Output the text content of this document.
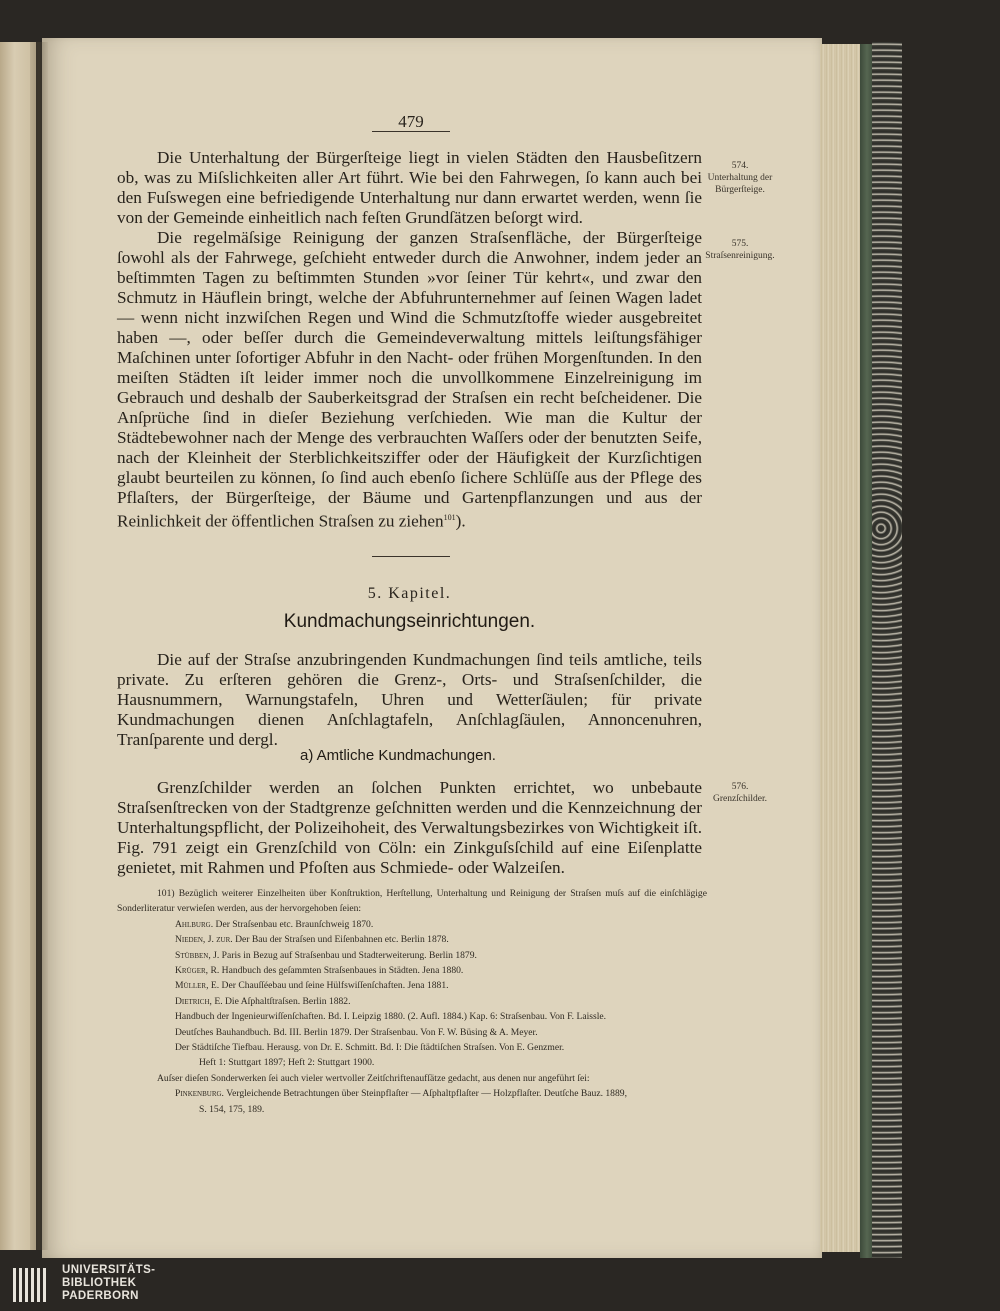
479

Die Unterhaltung der Bürgerſteige liegt in vielen Städten den Hausbeſitzern ob, was zu Miſslichkeiten aller Art führt. Wie bei den Fahrwegen, ſo kann auch bei den Fuſswegen eine befriedigende Unterhaltung nur dann erwartet werden, wenn ſie von der Gemeinde einheitlich nach feſten Grundſätzen beſorgt wird.

Die regelmäſsige Reinigung der ganzen Straſsenfläche, der Bürgerſteige ſowohl als der Fahrwege, geſchieht entweder durch die Anwohner, indem jeder an beſtimmten Tagen zu beſtimmten Stunden »vor ſeiner Tür kehrt«, und zwar den Schmutz in Häuflein bringt, welche der Abfuhrunternehmer auf ſeinen Wagen ladet — wenn nicht inzwiſchen Regen und Wind die Schmutzſtoffe wieder ausgebreitet haben —, oder beſſer durch die Gemeindeverwaltung mittels leiſtungsfähiger Maſchinen unter ſofortiger Abfuhr in den Nacht- oder frühen Morgenſtunden. In den meiſten Städten iſt leider immer noch die unvollkommene Einzelreinigung im Gebrauch und deshalb der Sauberkeitsgrad der Straſsen ein recht beſcheidener. Die Anſprüche ſind in dieſer Beziehung verſchieden. Wie man die Kultur der Städtebewohner nach der Menge des verbrauchten Waſſers oder der benutzten Seife, nach der Kleinheit der Sterblichkeitsziffer oder der Häufigkeit der Kurzſichtigen glaubt beurteilen zu können, ſo ſind auch ebenſo ſichere Schlüſſe aus der Pflege des Pflaſters, der Bürgerſteige, der Bäume und Gartenpflanzungen und aus der Reinlichkeit der öffentlichen Straſsen zu ziehen$^{101}$).

574.
Unterhaltung der Bürgerſteige.
575.
Straſsenreinigung.
5. Kapitel.
Kundmachungseinrichtungen.

Die auf der Straſse anzubringenden Kundmachungen ſind teils amtliche, teils private. Zu erſteren gehören die Grenz-, Orts- und Straſsenſchilder, die Hausnummern, Warnungstafeln, Uhren und Wetterſäulen; für private Kundmachungen dienen Anſchlagtafeln, Anſchlagſäulen, Annoncenuhren, Tranſparente und dergl.

a) Amtliche Kundmachungen.

Grenzſchilder werden an ſolchen Punkten errichtet, wo unbebaute Straſsenſtrecken von der Stadtgrenze geſchnitten werden und die Kennzeichnung der Unterhaltungspflicht, der Polizeihoheit, des Verwaltungsbezirkes von Wichtigkeit iſt. Fig. 791 zeigt ein Grenzſchild von Cöln: ein Zinkguſsſchild auf eine Eiſenplatte genietet, mit Rahmen und Pfoſten aus Schmiede- oder Walzeiſen.

576.
Grenzſchilder.

101) Bezüglich weiterer Einzelheiten über Konſtruktion, Herſtellung, Unterhaltung und Reinigung der Straſsen muſs auf die einſchlägige Sonderliteratur verwieſen werden, aus der hervorgehoben ſeien:

Ahlburg. Der Straſsenbau etc. Braunſchweig 1870.

Nieden, J. zur. Der Bau der Straſsen und Eiſenbahnen etc. Berlin 1878.

Stübben, J. Paris in Bezug auf Straſsenbau und Stadterweiterung. Berlin 1879.

Krüger, R. Handbuch des geſammten Straſsenbaues in Städten. Jena 1880.

Müller, E. Der Chauſſéebau und ſeine Hülfswiſſenſchaften. Jena 1881.

Dietrich, E. Die Aſphaltſtraſsen. Berlin 1882.

Handbuch der Ingenieurwiſſenſchaften. Bd. I. Leipzig 1880. (2. Aufl. 1884.) Kap. 6: Straſsenbau. Von F. Laissle.

Deutſches Bauhandbuch. Bd. III. Berlin 1879. Der Straſsenbau. Von F. W. Büsing & A. Meyer.

Der Städtiſche Tiefbau. Herausg. von Dr. E. Schmitt. Bd. I: Die ſtädtiſchen Straſsen. Von E. Genzmer.

Heft 1: Stuttgart 1897; Heft 2: Stuttgart 1900.

Auſser dieſen Sonderwerken ſei auch vieler wertvoller Zeitſchriftenaufſätze gedacht, aus denen nur angeführt ſei:

Pinkenburg. Vergleichende Betrachtungen über Steinpflaſter — Aſphaltpflaſter — Holzpflaſter. Deutſche Bauz. 1889,

S. 154, 175, 189.

UNIVERSITÄTS-
BIBLIOTHEK
PADERBORN
